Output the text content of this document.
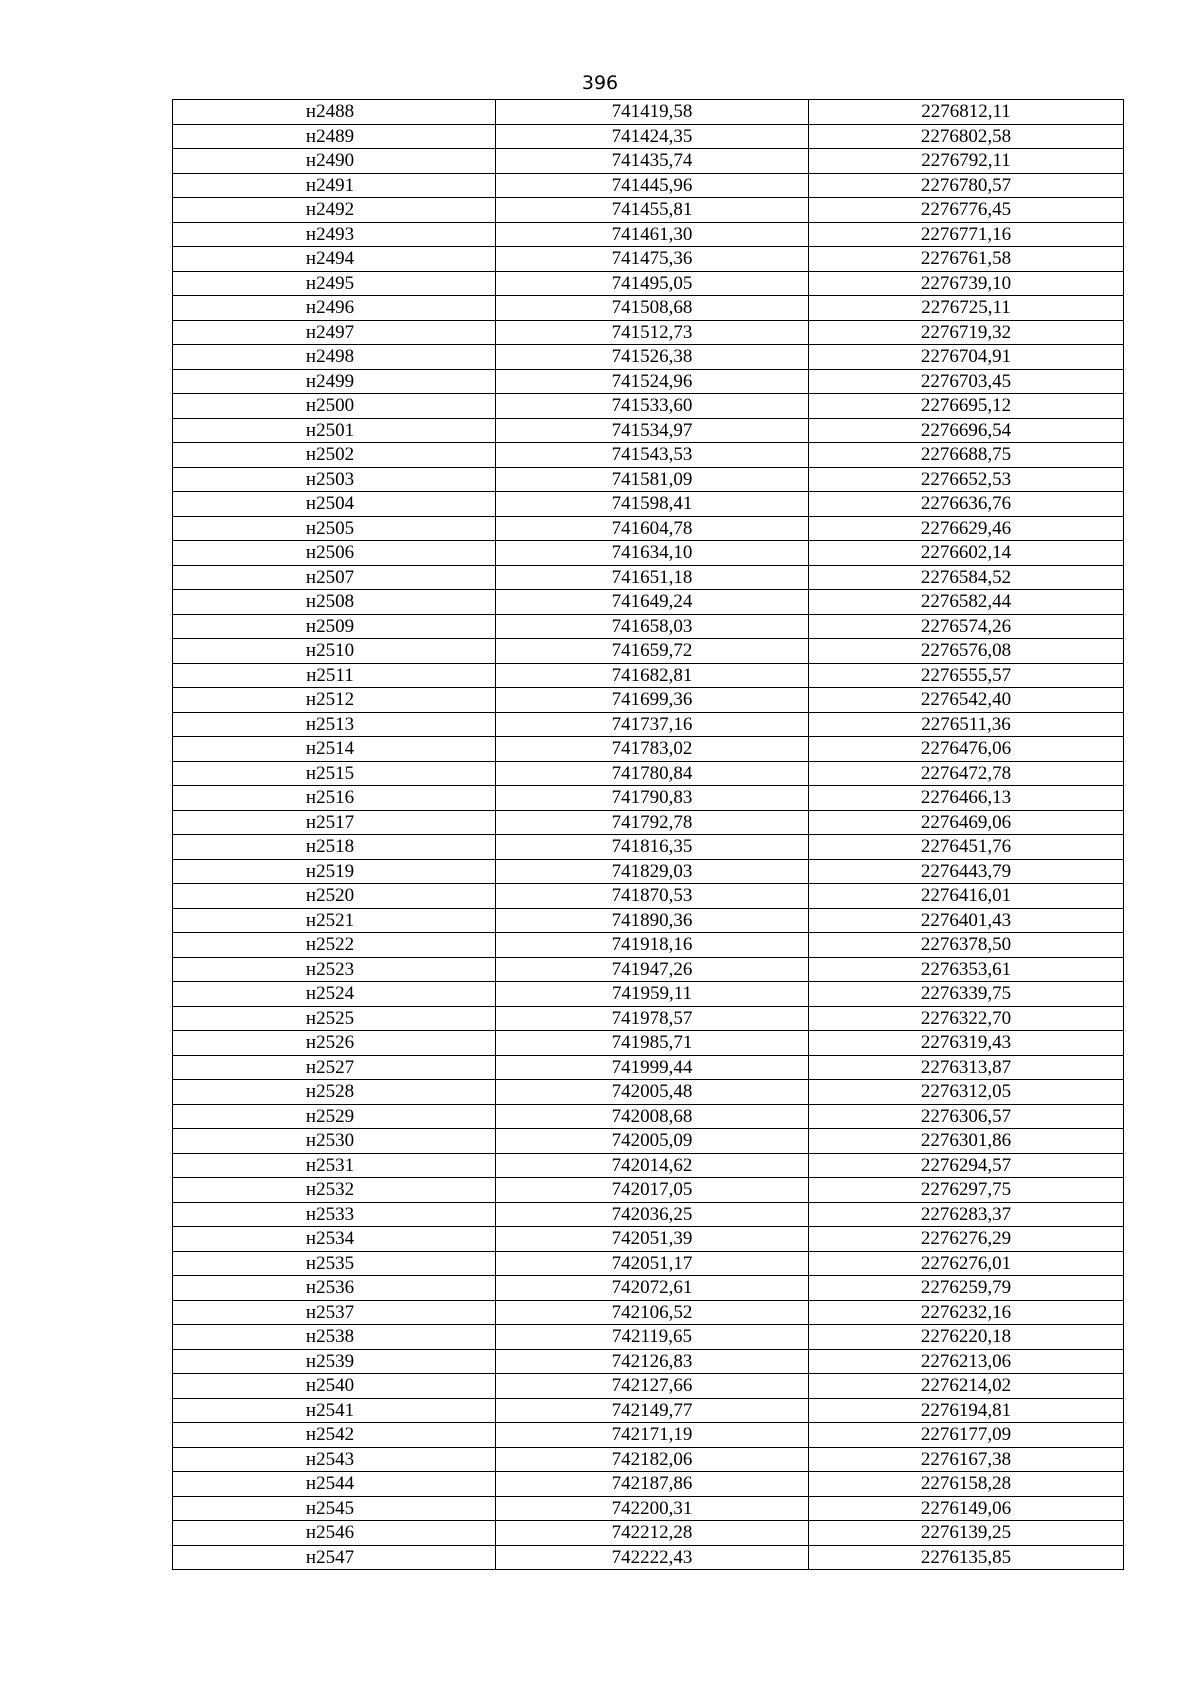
396
н2488	741419,58	2276812,11
н2489	741424,35	2276802,58
н2490	741435,74	2276792,11
н2491	741445,96	2276780,57
н2492	741455,81	2276776,45
н2493	741461,30	2276771,16
н2494	741475,36	2276761,58
н2495	741495,05	2276739,10
н2496	741508,68	2276725,11
н2497	741512,73	2276719,32
н2498	741526,38	2276704,91
н2499	741524,96	2276703,45
н2500	741533,60	2276695,12
н2501	741534,97	2276696,54
н2502	741543,53	2276688,75
н2503	741581,09	2276652,53
н2504	741598,41	2276636,76
н2505	741604,78	2276629,46
н2506	741634,10	2276602,14
н2507	741651,18	2276584,52
н2508	741649,24	2276582,44
н2509	741658,03	2276574,26
н2510	741659,72	2276576,08
н2511	741682,81	2276555,57
н2512	741699,36	2276542,40
н2513	741737,16	2276511,36
н2514	741783,02	2276476,06
н2515	741780,84	2276472,78
н2516	741790,83	2276466,13
н2517	741792,78	2276469,06
н2518	741816,35	2276451,76
н2519	741829,03	2276443,79
н2520	741870,53	2276416,01
н2521	741890,36	2276401,43
н2522	741918,16	2276378,50
н2523	741947,26	2276353,61
н2524	741959,11	2276339,75
н2525	741978,57	2276322,70
н2526	741985,71	2276319,43
н2527	741999,44	2276313,87
н2528	742005,48	2276312,05
н2529	742008,68	2276306,57
н2530	742005,09	2276301,86
н2531	742014,62	2276294,57
н2532	742017,05	2276297,75
н2533	742036,25	2276283,37
н2534	742051,39	2276276,29
н2535	742051,17	2276276,01
н2536	742072,61	2276259,79
н2537	742106,52	2276232,16
н2538	742119,65	2276220,18
н2539	742126,83	2276213,06
н2540	742127,66	2276214,02
н2541	742149,77	2276194,81
н2542	742171,19	2276177,09
н2543	742182,06	2276167,38
н2544	742187,86	2276158,28
н2545	742200,31	2276149,06
н2546	742212,28	2276139,25
н2547	742222,43	2276135,85
